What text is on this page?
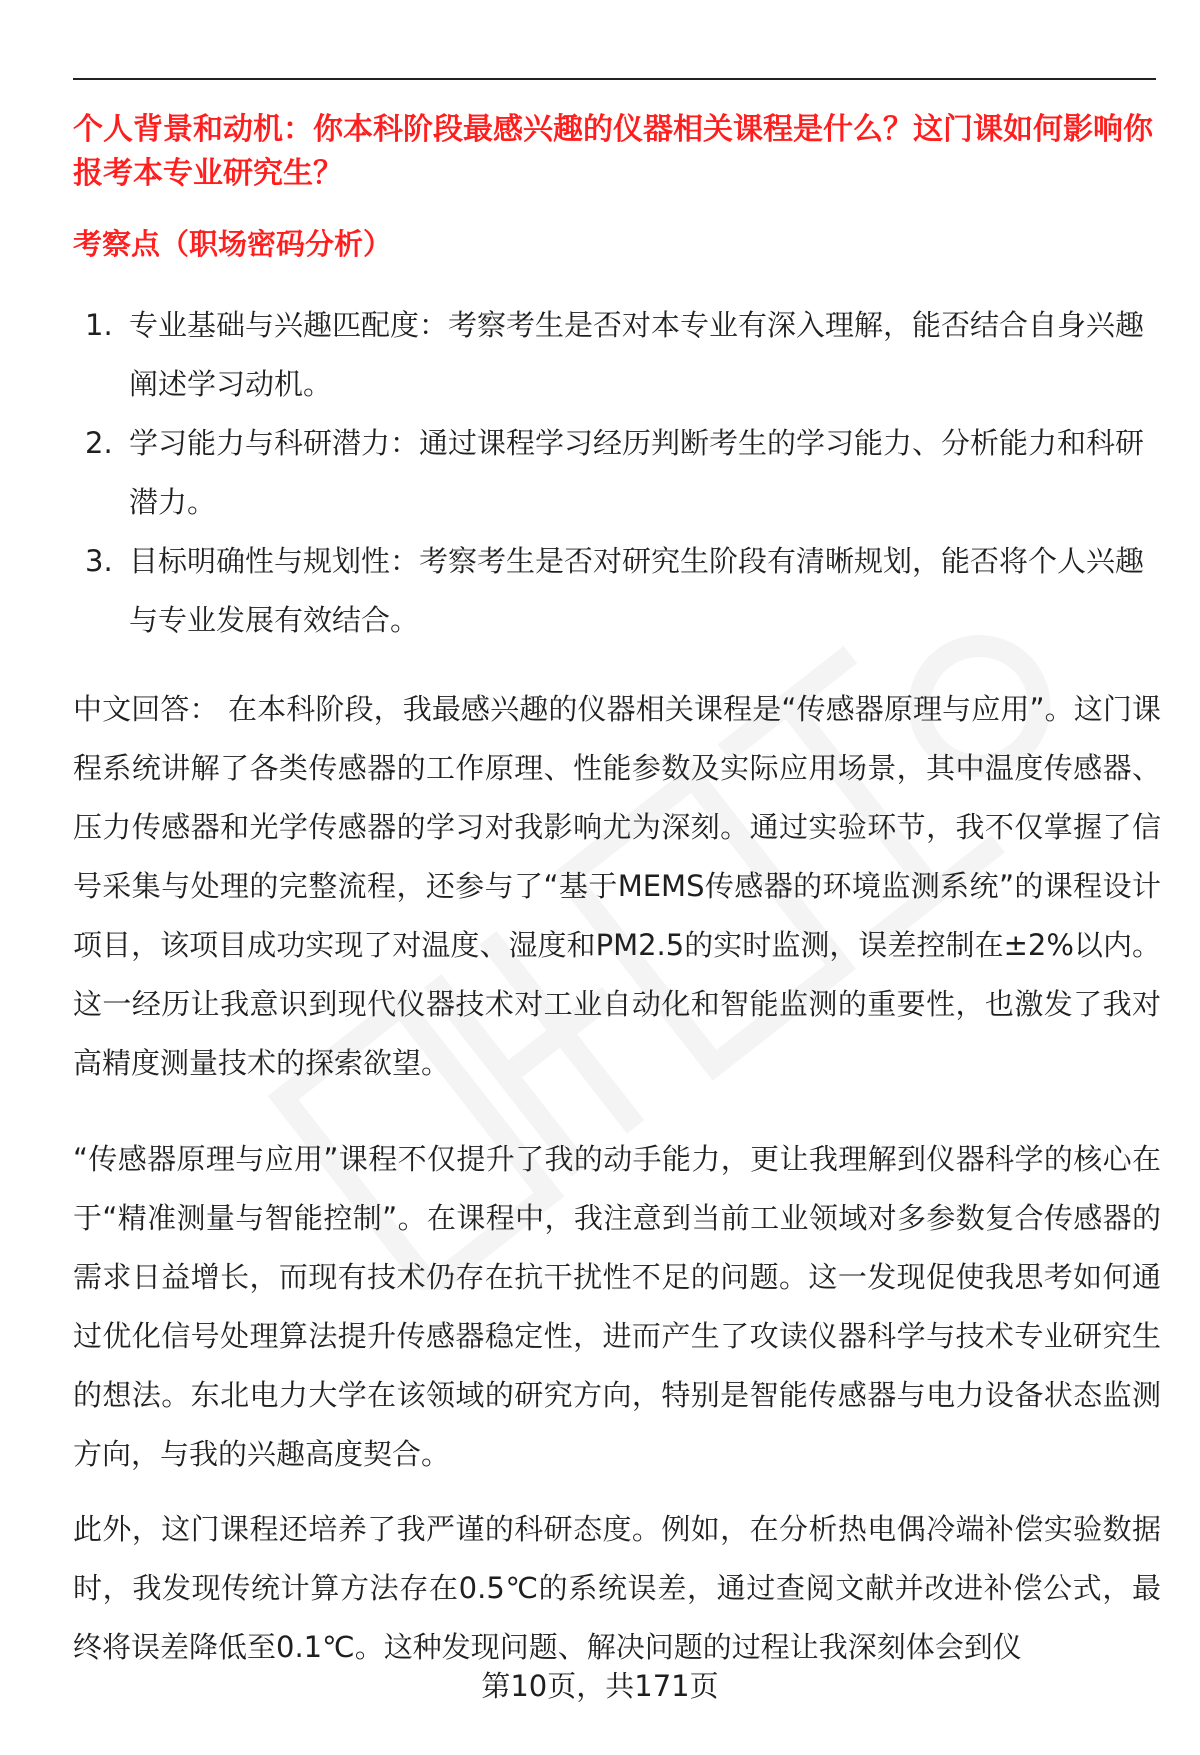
个人背景和动机：你本科阶段最感兴趣的仪器相关课程是什么？这门课如何影响你报考本专业研究生？
考察点（职场密码分析）
1. 专业基础与兴趣匹配度：考察考生是否对本专业有深入理解，能否结合自身兴趣阐述学习动机。
2. 学习能力与科研潜力：通过课程学习经历判断考生的学习能力、分析能力和科研潜力。
3. 目标明确性与规划性：考察考生是否对研究生阶段有清晰规划，能否将个人兴趣与专业发展有效结合。

中文回答： 在本科阶段，我最感兴趣的仪器相关课程是“传感器原理与应用”。这门课程系统讲解了各类传感器的工作原理、性能参数及实际应用场景，其中温度传感器、压力传感器和光学传感器的学习对我影响尤为深刻。通过实验环节，我不仅掌握了信号采集与处理的完整流程，还参与了“基于MEMS传感器的环境监测系统”的课程设计项目，该项目成功实现了对温度、湿度和PM2.5的实时监测，误差控制在±2%以内。这一经历让我意识到现代仪器技术对工业自动化和智能监测的重要性，也激发了我对高精度测量技术的探索欲望。

“传感器原理与应用”课程不仅提升了我的动手能力，更让我理解到仪器科学的核心在于“精准测量与智能控制”。在课程中，我注意到当前工业领域对多参数复合传感器的需求日益增长，而现有技术仍存在抗干扰性不足的问题。这一发现促使我思考如何通过优化信号处理算法提升传感器稳定性，进而产生了攻读仪器科学与技术专业研究生的想法。东北电力大学在该领域的研究方向，特别是智能传感器与电力设备状态监测方向，与我的兴趣高度契合。

此外，这门课程还培养了我严谨的科研态度。例如，在分析热电偶冷端补偿实验数据时，我发现传统计算方法存在0.5℃的系统误差，通过查阅文献并改进补偿公式，最终将误差降低至0.1℃。这种发现问题、解决问题的过程让我深刻体会到仪

第10页，共171页
